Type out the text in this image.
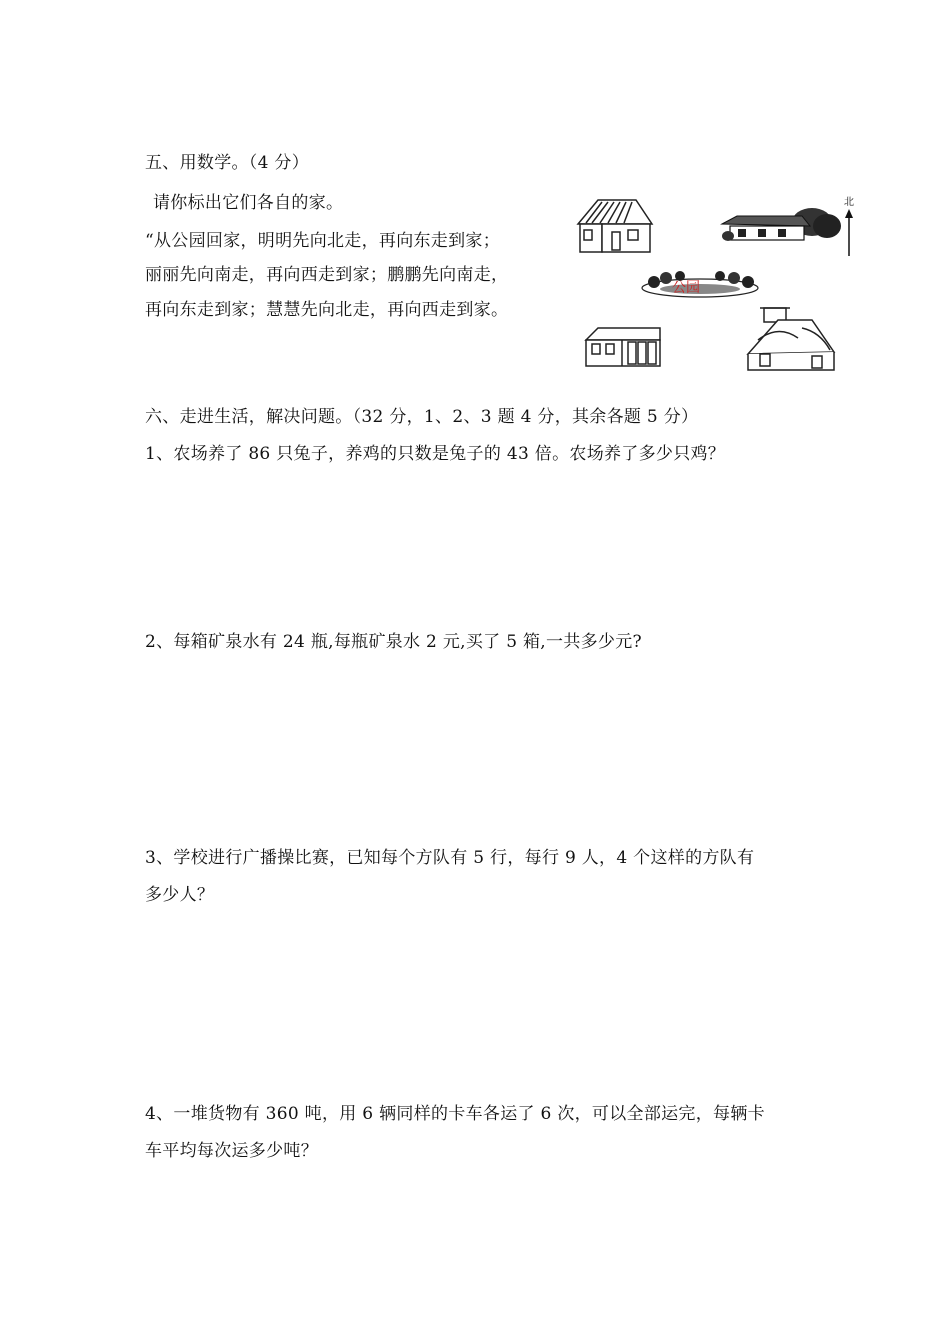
五、用数学。（4 分）
请你标出它们各自的家。
“从公园回家，明明先向北走，再向东走到家；
丽丽先向南走，再向西走到家；鹏鹏先向南走，
再向东走到家；慧慧先向北走，再向西走到家。
北
公园
六、走进生活，解决问题。（32 分，1、2、3 题 4 分，其余各题 5 分）
1、农场养了 86 只兔子，养鸡的只数是兔子的 43 倍。农场养了多少只鸡？
2、每箱矿泉水有 24 瓶,每瓶矿泉水 2 元,买了 5 箱,一共多少元?
3、学校进行广播操比赛，已知每个方队有 5 行，每行 9 人，4 个这样的方队有
多少人？
4、一堆货物有 360 吨，用 6 辆同样的卡车各运了 6 次，可以全部运完，每辆卡
车平均每次运多少吨？
